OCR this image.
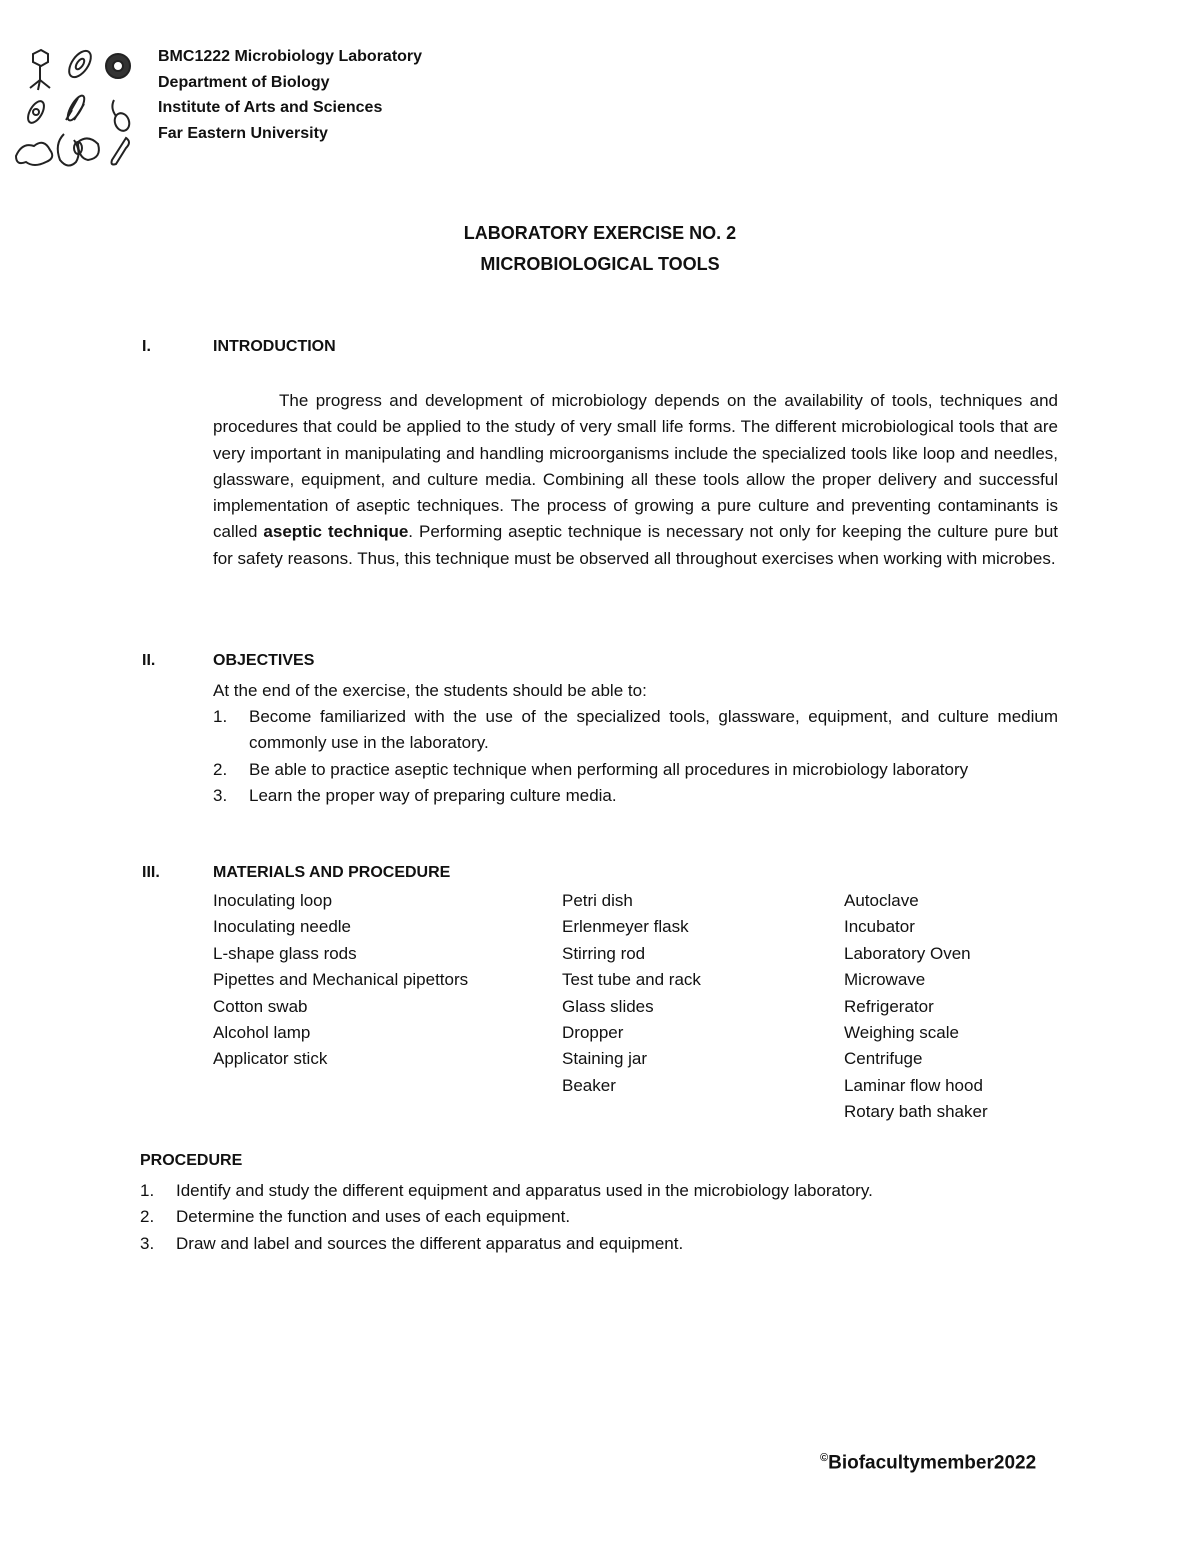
BMC1222 Microbiology Laboratory
Department of Biology
Institute of Arts and Sciences
Far Eastern University
LABORATORY EXERCISE NO. 2
MICROBIOLOGICAL TOOLS
I.	INTRODUCTION

The progress and development of microbiology depends on the availability of tools, techniques and procedures that could be applied to the study of very small life forms. The different microbiological tools that are very important in manipulating and handling microorganisms include the specialized tools like loop and needles, glassware, equipment, and culture media. Combining all these tools allow the proper delivery and successful implementation of aseptic techniques. The process of growing a pure culture and preventing contaminants is called aseptic technique. Performing aseptic technique is necessary not only for keeping the culture pure but for safety reasons. Thus, this technique must be observed all throughout exercises when working with microbes.

II.	OBJECTIVES
At the end of the exercise, the students should be able to:
1. Become familiarized with the use of the specialized tools, glassware, equipment, and culture medium commonly use in the laboratory.
2. Be able to practice aseptic technique when performing all procedures in microbiology laboratory
3. Learn the proper way of preparing culture media.
III.	MATERIALS AND PROCEDURE
Inoculating loop
Inoculating needle
L-shape glass rods
Pipettes and Mechanical pipettors
Cotton swab
Alcohol lamp
Applicator stick
Petri dish
Erlenmeyer flask
Stirring rod
Test tube and rack
Glass slides
Dropper
Staining jar
Beaker
Autoclave
Incubator
Laboratory Oven
Microwave
Refrigerator
Weighing scale
Centrifuge
Laminar flow hood
Rotary bath shaker
PROCEDURE
1. Identify and study the different equipment and apparatus used in the microbiology laboratory.
2. Determine the function and uses of each equipment.
3. Draw and label and sources the different apparatus and equipment.
©Biofacultymember2022
